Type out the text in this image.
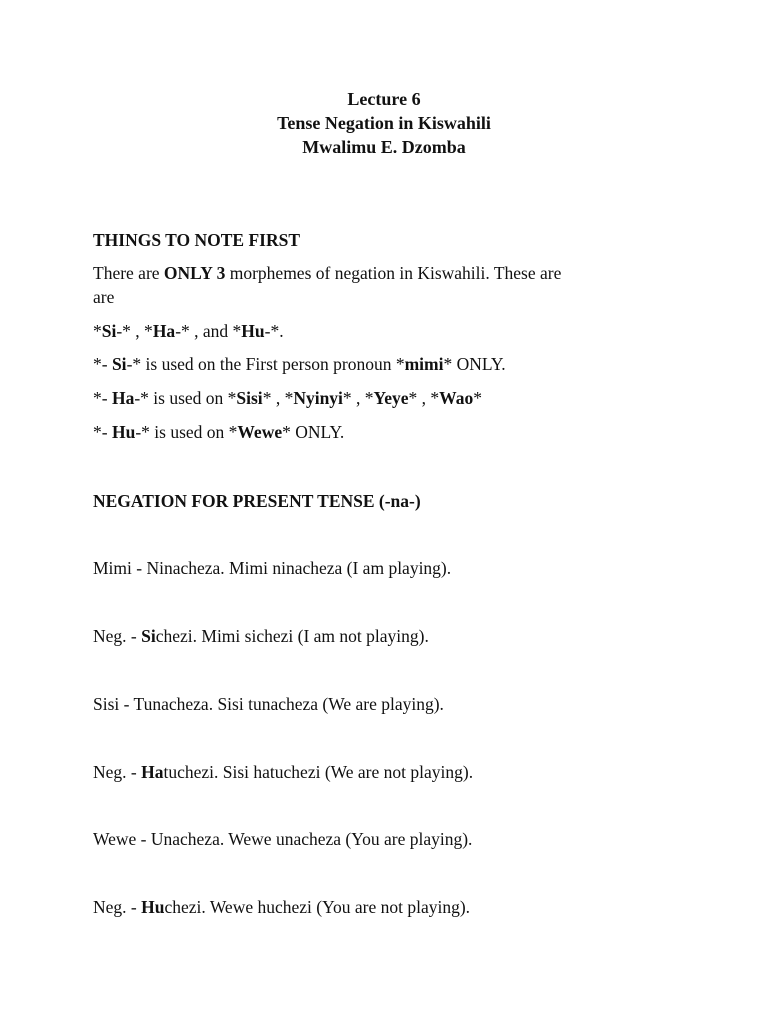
Lecture 6
Tense Negation in Kiswahili
Mwalimu E. Dzomba
THINGS TO NOTE FIRST
There are ONLY 3 morphemes of negation in Kiswahili. These are
are
*Si-* , *Ha-* , and *Hu-*.
*- Si-* is used on the First person pronoun *mimi* ONLY.
*- Ha-* is used on *Sisi* , *Nyinyi* , *Yeye* , *Wao*
*- Hu-* is used on *Wewe* ONLY.
NEGATION FOR PRESENT TENSE (-na-)
Mimi - Ninacheza. Mimi ninacheza (I am playing).
Neg. - Sichezi. Mimi sichezi (I am not playing).
Sisi - Tunacheza. Sisi tunacheza (We are playing).
Neg. - Hatuchezi. Sisi hatuchezi (We are not playing).
Wewe - Unacheza. Wewe unacheza (You are playing).
Neg. - Huchezi. Wewe huchezi (You are not playing).
